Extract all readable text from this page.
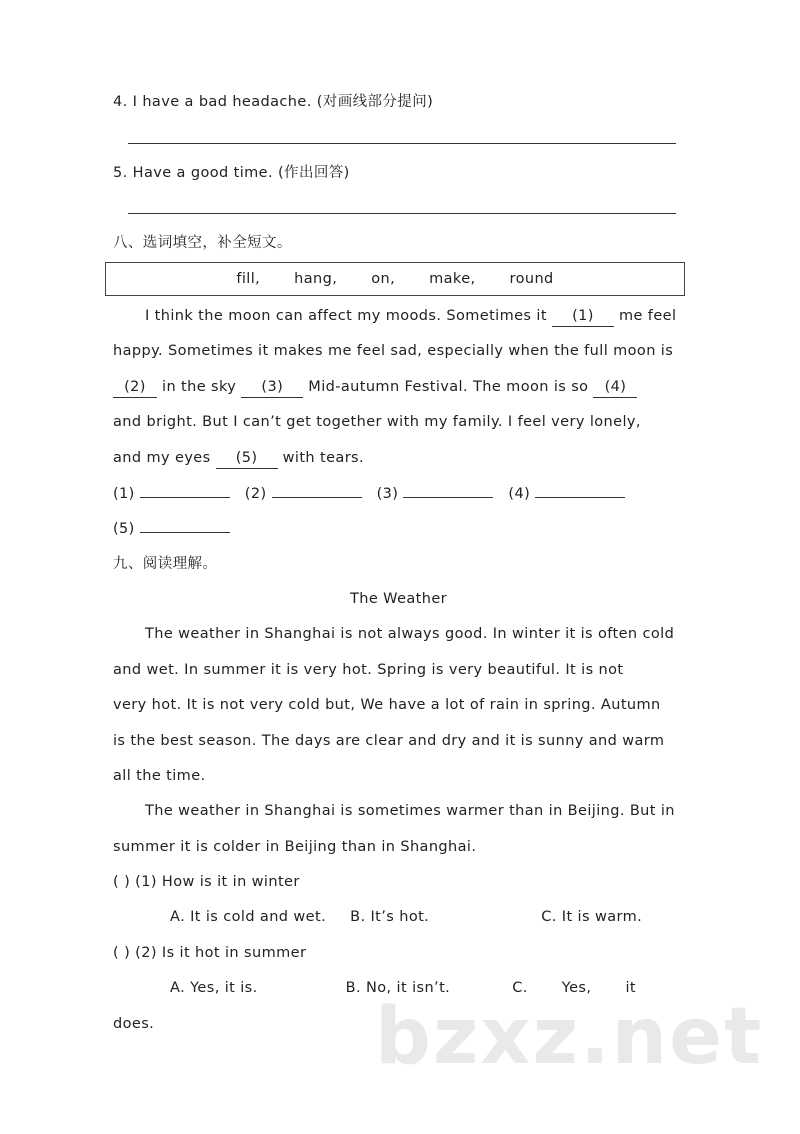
4. I have a bad headache. (对画线部分提问)
5. Have a good time. (作出回答)
八、选词填空，补全短文。
fill, hang, on, make, round
I think the moon can affect my moods. Sometimes it (1) me feel
happy. Sometimes it makes me feel sad, especially when the full moon is
(2) in the sky (3) Mid-autumn Festival. The moon is so (4)
and bright. But I can’t get together with my family. I feel very lonely,
and my eyes (5) with tears.
(1)	(2)	(3)	(4)
(5)
九、阅读理解。
The Weather
The weather in Shanghai is not always good. In winter it is often cold
and wet. In summer it is very hot. Spring is very beautiful. It is not
very hot. It is not very cold but, We have a lot of rain in spring. Autumn
is the best season. The days are clear and dry and it is sunny and warm
all the time.
The weather in Shanghai is sometimes warmer than in Beijing. But in
summer it is colder in Beijing than in Shanghai.
( ) (1) How is it in winter
A. It is cold and wet. B. It’s hot.	C. It is warm.
( ) (2) Is it hot in summer
A. Yes, it is.	B. No, it isn’t.	C. Yes, it
does.	bzxz.net
